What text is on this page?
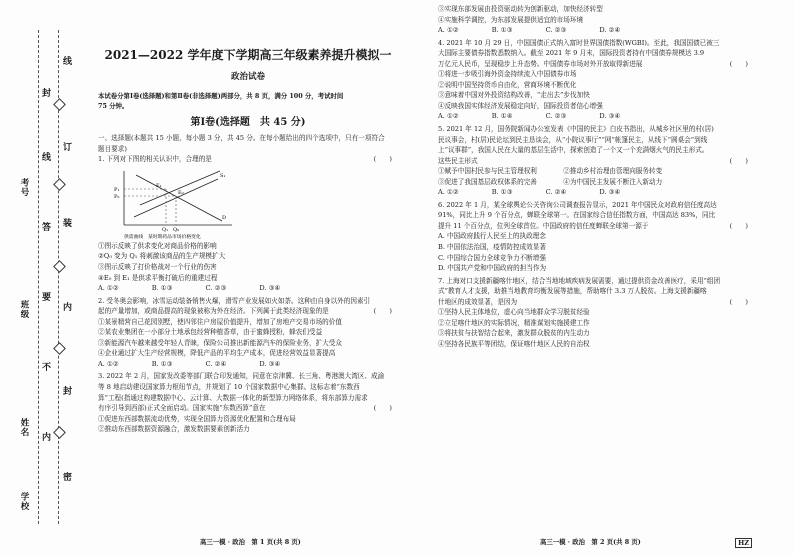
线
订
装
内
封
密
封
线
答
要
不
内
考号
班级
姓名
学校
2021—2022 学年度下学期高三年级素养提升模拟一
政治试卷

本试卷分第Ⅰ卷(选择题)和第Ⅱ卷(非选择题)两部分，共 8 页，满分 100 分，考试时间

75 分钟。

第Ⅰ卷(选择题　共 45 分)

一、选择题(本题共 15 小题，每小题 3 分，共 45 分。在每小题给出的四个选项中，只有一项符合

题目要求)

1. 下列对下图的相关认识中，合理的是	(　　)

P₁
P₀
Q₁ Q₀
D
S₁
E₀
E₁
供需曲线　某时期药品市场价格变化

①图示反映了供求变化对商品价格的影响

②Q₀ 变为 Q₁ 将刺激该商品的生产规模扩大

③图示反映了打价格战对一个行业的伤害

④E₀ 到 E₁ 是供求平衡打破后的重建过程

A. ①②　　　　　B. ①③　　　　　C. ②③　　　　　D. ③④

2. 受冬奥会影响，冰雪运动装备销售火爆，滑雪产业发展如火如荼。这种由自身以外的因素引

起的产量增加，或商品提高的现象被称为外在经济。下列属于此类经济现象的是	(　　)

①某景精营自己花园别墅，使四邻住户房屋价值提升，增加了房地产交易市场的价值

②某农业集团在一小部分土地承包经营种植香草，由于蜜蜂授粉，蜂农们受益

③新能源汽车越来越受年轻人青睐，保险公司推出新能源汽车的保险业务，扩大受众

④企业通过扩大生产经营规模，降低产品的平均生产成本，促进经营效益显著提高

A. ①②　　　　　B. ①③　　　　　C. ②④　　　　　D. ③④

3. 2022 年 2 月，国家发改委等部门联合印发通知，同意在京津冀、长三角、粤港澳大湾区、成渝

等 8 地启动建设国家算力枢纽节点，并规划了 10 个国家数据中心集群。这标志着“东数西

算”工程(指通过构建数据中心、云计算、大数据一体化的新型算力网络体系，将东部算力需求

有序引导到西部)正式全面启动。国家实施“东数西算”意在	(　　)

①促进东西部数据流动优势，实现全国算力资源优化配置和合理布局

②推动东西部数据资源融合，激发数据要素创新活力

高三一模 · 政治　第 1 页(共 8 页)

③实现东部发展由投资驱动转为创新驱动，加快经济转型

④实施科学调控，为东部发展提供适宜的市场环境

A. ①②　　　　　B. ①③　　　　　C. ②③　　　　　D. ②④

4. 2021 年 10 月 29 日，中国国债正式纳入富时世界国债指数(WGBI)。至此，我国国债已被三

大国际主要债券指数悉数纳入。截至 2021 年 9 月末，国际投资者持有中国债券规模达 3.9

万亿元人民币，呈现稳步上升态势。中国债券市场对外开放取得新进展	(　　)

①将进一步吸引海外资金持续流入中国债券市场

②说明中国坚持货币自由化，营商环境不断优化

③意味着中国对外投资结构改善，“走出去”步伐加快

④反映我国实体经济发展稳定向好，国际投资者信心增强

A. ①②　　　　　B. ①④　　　　　C. ②③　　　　　D. ③④

5. 2021 年 12 月，国务院新闻办公室发表《中国的民主》白皮书指出，从城乡社区里的村(居)

民议事会，村(居)民论坛到民主恳谈会，从“小院议事厅”“网”帐篷民主，从线下“圆桌会”到线

上“议事群”，我国人民在大量的基层生活中，探索创造了一个又一个充满烟火气的民主形式。

这些民主形式	(　　)

①赋予中国村民参与民主管理权利　　　　②推动乡村治理由管理向服务转变

③促进了我国基层政权体系的完善　　　　④为中国民主发展不断注入新动力

A. ①②　　　　　B. ①③　　　　　C. ②④　　　　　D. ③④

6. 2022 年 1 月，某全球舆论公关咨询公司调查报告显示，2021 年中国民众对政府信任度高达

91%，同比上升 9 个百分点，蝉联全球第一。在国家综合信任指数方面，中国高达 83%，同比

提升 11 个百分点，位列全球首位。中国政府的信任度蝉联全球第一源于	(　　)

A. 中国政府践行人民至上的执政理念

B. 中国依法治国，疫情防控成效显著

C. 中国综合国力全球竞争力不断增强

D. 中国共产党和中国政府的担当作为

7. 上海对口支援新疆喀什地区，结合当地地域疾病发展需要，通过提供资金改善医疗，采用“组团

式”教育人才支援，助推当地教育均衡发展等措施，帮助喀什 3.3 万人脱贫。上海支援新疆喀

什地区的成效显著，是因为	(　　)

①坚持人民主体地位，虚心向当地群众学习脱贫经验

②立足喀什地区的实际情况，精准谋划实施援建工作

③将扶贫与扶智结合起来，激发群众脱贫的内生动力

④坚持各民族平等团结，保证喀什地区人民的自治权

高三一模 · 政治　第 2 页(共 8 页)	HZ
